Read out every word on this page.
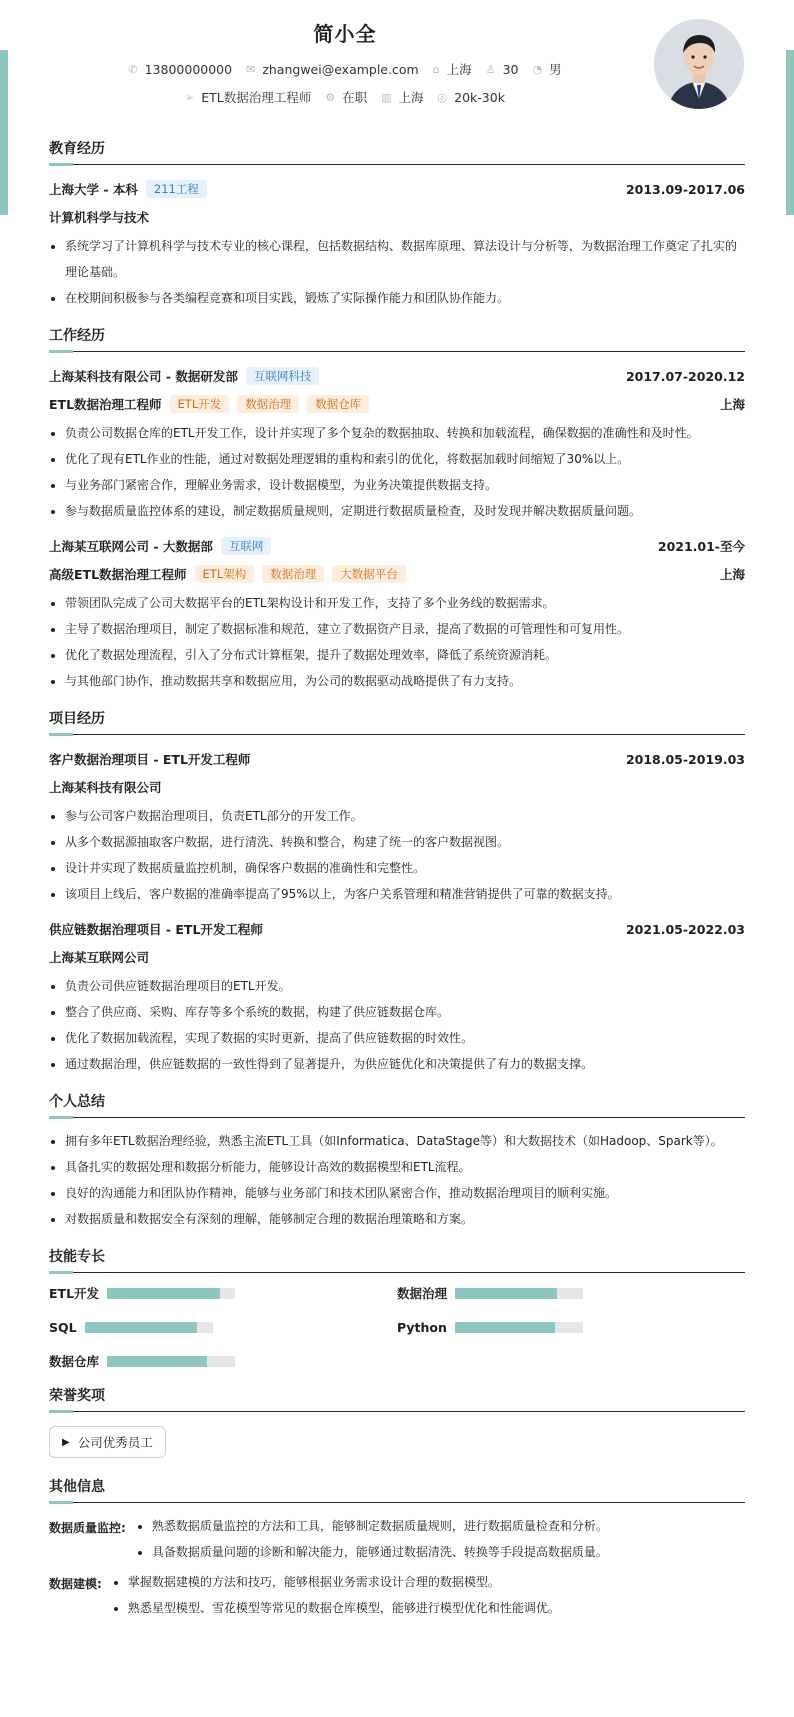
简小全
✆ 13800000000 ✉ zhangwei@example.com ⌂ 上海 ♙ 30 ◔ 男
➢ ETL数据治理工程师 ⚙ 在职 ▥ 上海 ◎ 20k-30k
教育经历
上海大学 - 本科	211工程	2013.09-2017.06
计算机科学与技术
• 系统学习了计算机科学与技术专业的核心课程，包括数据结构、数据库原理、算法设计与分析等，为数据治理工作奠定了扎实的理论基础。
• 在校期间积极参与各类编程竞赛和项目实践，锻炼了实际操作能力和团队协作能力。
工作经历
上海某科技有限公司 - 数据研发部	互联网科技	2017.07-2020.12
ETL数据治理工程师	ETL开发	数据治理	数据仓库	上海
• 负责公司数据仓库的ETL开发工作，设计并实现了多个复杂的数据抽取、转换和加载流程，确保数据的准确性和及时性。
• 优化了现有ETL作业的性能，通过对数据处理逻辑的重构和索引的优化，将数据加载时间缩短了30%以上。
• 与业务部门紧密合作，理解业务需求，设计数据模型，为业务决策提供数据支持。
• 参与数据质量监控体系的建设，制定数据质量规则，定期进行数据质量检查，及时发现并解决数据质量问题。
上海某互联网公司 - 大数据部	互联网	2021.01-至今
高级ETL数据治理工程师	ETL架构	数据治理	大数据平台	上海
• 带领团队完成了公司大数据平台的ETL架构设计和开发工作，支持了多个业务线的数据需求。
• 主导了数据治理项目，制定了数据标准和规范，建立了数据资产目录，提高了数据的可管理性和可复用性。
• 优化了数据处理流程，引入了分布式计算框架，提升了数据处理效率，降低了系统资源消耗。
• 与其他部门协作，推动数据共享和数据应用，为公司的数据驱动战略提供了有力支持。
项目经历
客户数据治理项目 - ETL开发工程师	2018.05-2019.03
上海某科技有限公司
• 参与公司客户数据治理项目，负责ETL部分的开发工作。
• 从多个数据源抽取客户数据，进行清洗、转换和整合，构建了统一的客户数据视图。
• 设计并实现了数据质量监控机制，确保客户数据的准确性和完整性。
• 该项目上线后，客户数据的准确率提高了95%以上，为客户关系管理和精准营销提供了可靠的数据支持。
供应链数据治理项目 - ETL开发工程师	2021.05-2022.03
上海某互联网公司
• 负责公司供应链数据治理项目的ETL开发。
• 整合了供应商、采购、库存等多个系统的数据，构建了供应链数据仓库。
• 优化了数据加载流程，实现了数据的实时更新，提高了供应链数据的时效性。
• 通过数据治理，供应链数据的一致性得到了显著提升，为供应链优化和决策提供了有力的数据支撑。
个人总结
• 拥有多年ETL数据治理经验，熟悉主流ETL工具（如Informatica、DataStage等）和大数据技术（如Hadoop、Spark等）。
• 具备扎实的数据处理和数据分析能力，能够设计高效的数据模型和ETL流程。
• 良好的沟通能力和团队协作精神，能够与业务部门和技术团队紧密合作，推动数据治理项目的顺利实施。
• 对数据质量和数据安全有深刻的理解，能够制定合理的数据治理策略和方案。
技能专长
ETL开发	数据治理
SQL	Python
数据仓库
荣誉奖项
▶ 公司优秀员工
其他信息
数据质量监控: • 熟悉数据质量监控的方法和工具，能够制定数据质量规则，进行数据质量检查和分析。
• 具备数据质量问题的诊断和解决能力，能够通过数据清洗、转换等手段提高数据质量。
数据建模: • 掌握数据建模的方法和技巧，能够根据业务需求设计合理的数据模型。
• 熟悉星型模型、雪花模型等常见的数据仓库模型，能够进行模型优化和性能调优。
